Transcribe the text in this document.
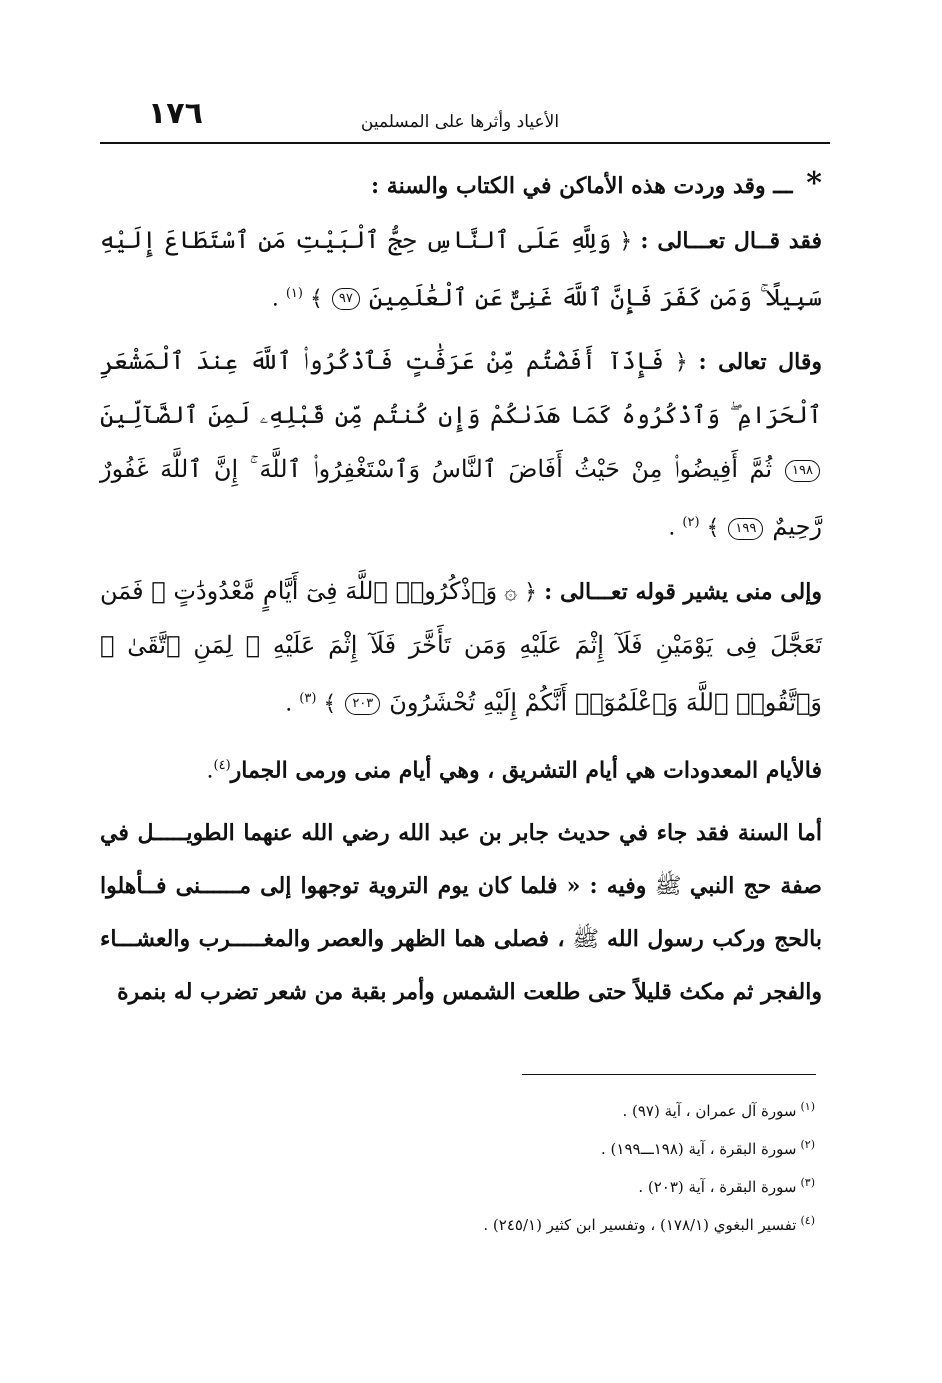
١٧٦	الأعياد وأثرها على المسلمين

* ـــ وقد وردت هذه الأماكن في الكتاب والسنة :

فقد قــال تعـــالى : ﴿ وَلِلَّهِ عَلَى ٱلنَّاسِ حِجُّ ٱلْبَيْتِ مَنِ ٱسْتَطَاعَ إِلَيْهِ سَبِيلًا ۚ وَمَن كَفَرَ فَإِنَّ ٱللَّهَ غَنِىٌّ عَنِ ٱلْعَٰلَمِينَ ٩٧ ﴾ $^{(١)}$ .

وقال تعالى : ﴿ فَإِذَآ أَفَضْتُم مِّنْ عَرَفَٰتٍ فَٱذْكُرُوا۟ ٱللَّهَ عِندَ ٱلْمَشْعَرِ ٱلْحَرَامِ ۖ وَٱذْكُرُوهُ كَمَا هَدَىٰكُمْ وَإِن كُنتُم مِّن قَبْلِهِۦ لَمِنَ ٱلضَّآلِّينَ ١٩٨ ثُمَّ أَفِيضُوا۟ مِنْ حَيْثُ أَفَاضَ ٱلنَّاسُ وَٱسْتَغْفِرُوا۟ ٱللَّهَ ۚ إِنَّ ٱللَّهَ غَفُورٌ رَّحِيمٌ ١٩٩ ﴾ $^{(٢)}$ .

وإلى منى يشير قوله تعـــالى : ﴿ ۞ وَٱذْكُرُوا۟ ٱللَّهَ فِىٓ أَيَّامٍ مَّعْدُودَٰتٍ ۚ فَمَن تَعَجَّلَ فِى يَوْمَيْنِ فَلَآ إِثْمَ عَلَيْهِ وَمَن تَأَخَّرَ فَلَآ إِثْمَ عَلَيْهِ ۚ لِمَنِ ٱتَّقَىٰ ۗ وَٱتَّقُوا۟ ٱللَّهَ وَٱعْلَمُوٓا۟ أَنَّكُمْ إِلَيْهِ تُحْشَرُونَ ٢٠٣ ﴾ $^{(٣)}$ .

فالأيام المعدودات هي أيام التشريق ، وهي أيام منى ورمى الجمار$^{(٤)}$.

أما السنة فقد جاء في حديث جابر بن عبد الله رضي الله عنهما الطويـــــل في صفة حج النبي ﷺ وفيه : « فلما كان يوم التروية توجهوا إلى مــــــنى فــأهلوا بالحج وركب رسول الله ﷺ ، فصلى هما الظهر والعصر والمغـــــرب والعشـــاء والفجر ثم مكث قليلاً حتى طلعت الشمس وأمر بقبة من شعر تضرب له بنمرة

$^{(١)}$سورة آل عمران ، آية (٩٧) .

$^{(٢)}$سورة البقرة ، آية (١٩٨ـــ١٩٩) .

$^{(٣)}$سورة البقرة ، آية (٢٠٣) .

$^{(٤)}$تفسير البغوي (١٧٨/١) ، وتفسير ابن كثير (٢٤٥/١) .
